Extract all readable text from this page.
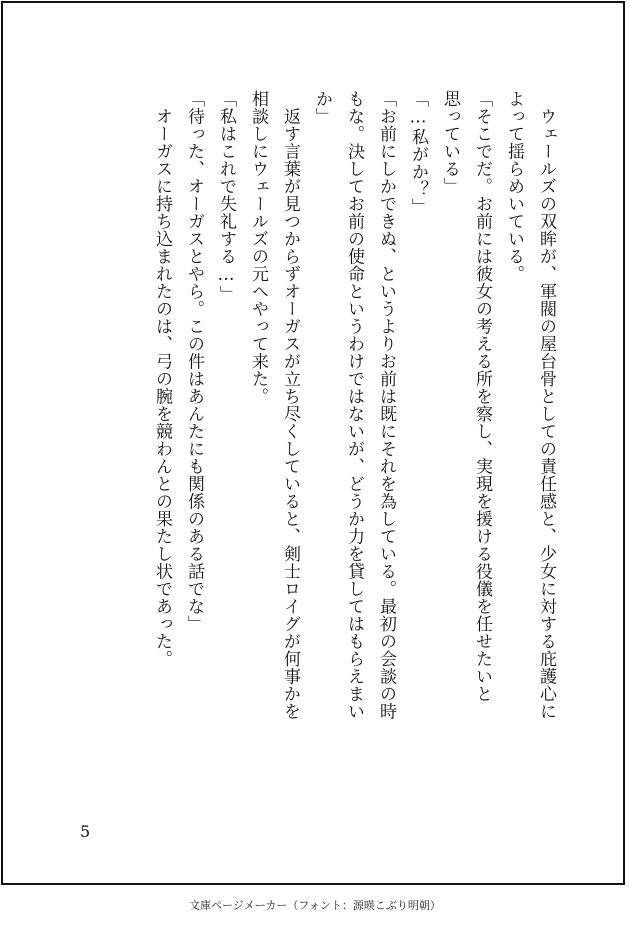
　ウェールズの双眸が、軍閥の屋台骨としての責任感と、少女に対する庇護心に
よって揺らめいている。
「そこでだ。お前には彼女の考える所を察し、実現を援ける役儀を任せたいと
思っている」
「…私がか？」
「お前にしかできぬ、というよりお前は既にそれを為している。最初の会談の時
もな。決してお前の使命というわけではないが、どうか力を貸してはもらえまい
か」
　返す言葉が見つからずオーガスが立ち尽くしていると、剣士ロイグが何事かを
相談しにウェールズの元へやって来た。
「私はこれで失礼する…」
「待った、オーガスとやら。この件はあんたにも関係のある話でな」
　オーガスに持ち込まれたのは、弓の腕を競わんとの果たし状であった。
5
文庫ページメーカー（フォント：源暎こぶり明朝）
